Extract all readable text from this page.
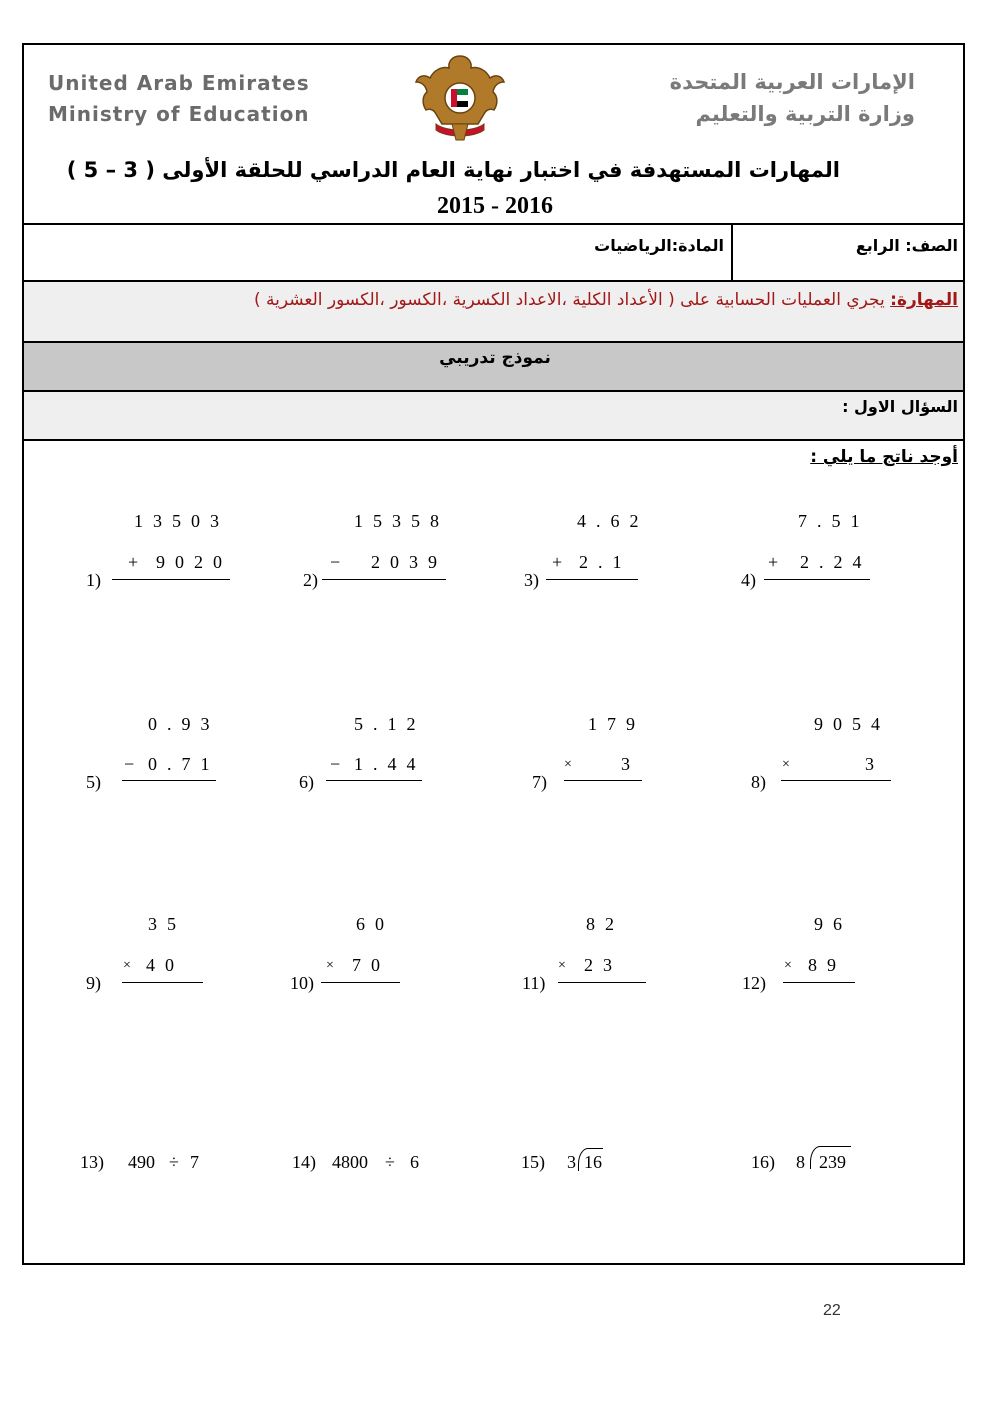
United Arab Emirates
Ministry of Education
الإمارات العربية المتحدة
وزارة التربية والتعليم
المهارات المستهدفة في اختبار نهاية العام الدراسي للحلقة الأولى ( 3 – 5 )
2015 - 2016
الصف: الرابع
المادة:الرياضيات
المهارة: يجري العمليات الحسابية على ( الأعداد الكلية ،الاعداد الكسرية ،الكسور ،الكسور العشرية )
نموذج تدريبي
السؤال الاول :
أوجد ناتج ما يلي :
1)
13503
+ 9020
2)
15358
− 2039
3)
4.62
+ 2.1
4)
7.51
+ 2.24
5)
0.93
− 0.71
6)
5.12
− 1.44
7)
179
×	3
8)
9054
×	3
9)
35
× 40
10)
60
× 70
11)
82
× 23
12)
96
× 89
13) 490 ÷ 7	14) 4800 ÷ 6	15) 3 16	16) 8 239
22
